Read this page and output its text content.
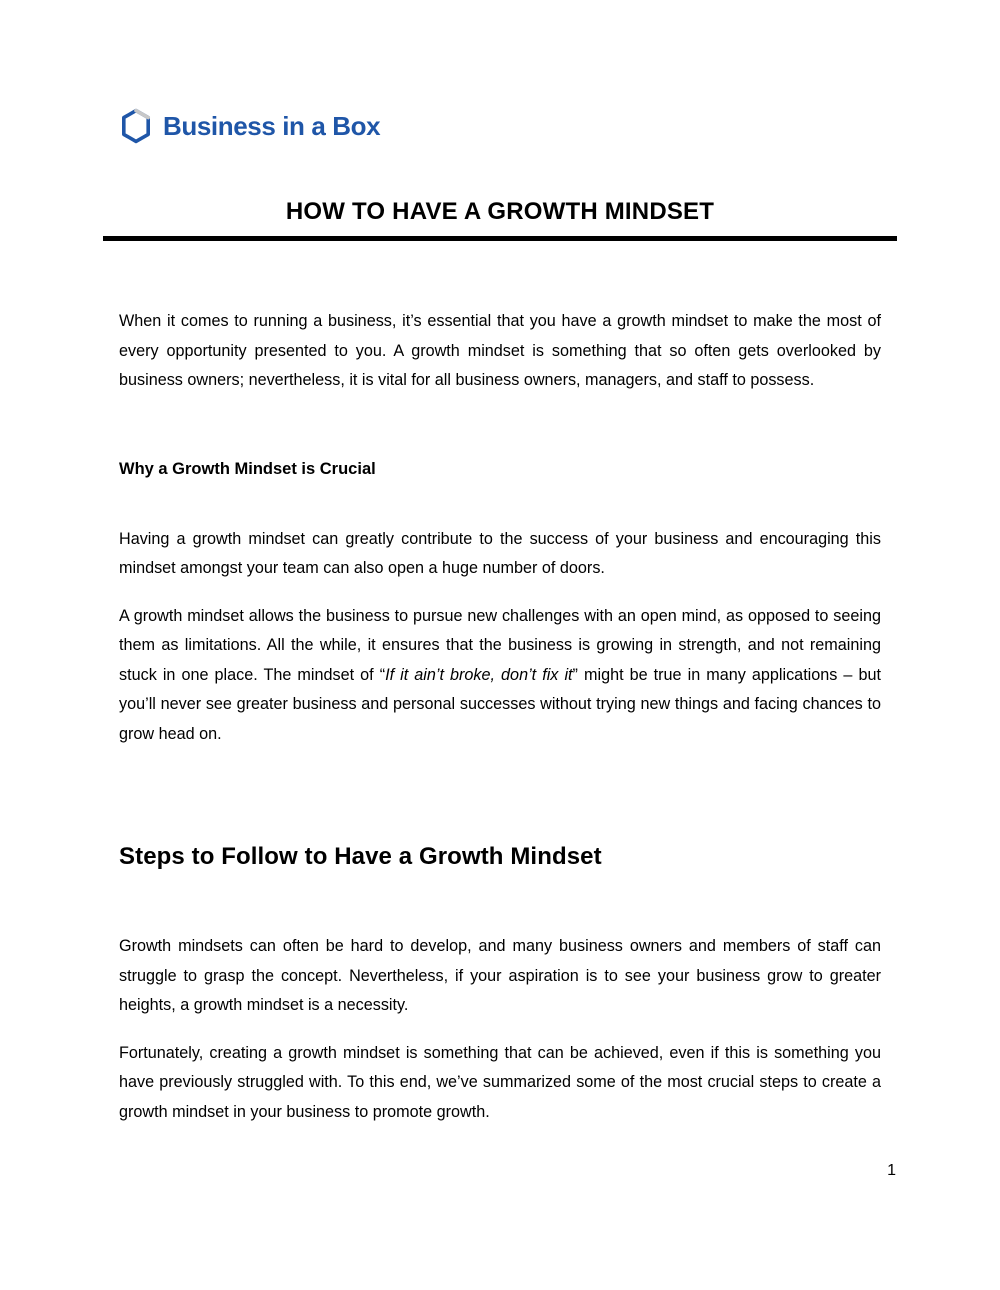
Business in a Box
HOW TO HAVE A GROWTH MINDSET

When it comes to running a business, it’s essential that you have a growth mindset to make the most of every opportunity presented to you. A growth mindset is something that so often gets overlooked by business owners; nevertheless, it is vital for all business owners, managers, and staff to possess.

Why a Growth Mindset is Crucial

Having a growth mindset can greatly contribute to the success of your business and encouraging this mindset amongst your team can also open a huge number of doors.

A growth mindset allows the business to pursue new challenges with an open mind, as opposed to seeing them as limitations. All the while, it ensures that the business is growing in strength, and not remaining stuck in one place. The mindset of “If it ain’t broke, don’t fix it” might be true in many applications – but you’ll never see greater business and personal successes without trying new things and facing chances to grow head on.

Steps to Follow to Have a Growth Mindset

Growth mindsets can often be hard to develop, and many business owners and members of staff can struggle to grasp the concept. Nevertheless, if your aspiration is to see your business grow to greater heights, a growth mindset is a necessity.

Fortunately, creating a growth mindset is something that can be achieved, even if this is something you have previously struggled with. To this end, we’ve summarized some of the most crucial steps to create a growth mindset in your business to promote growth.

1
